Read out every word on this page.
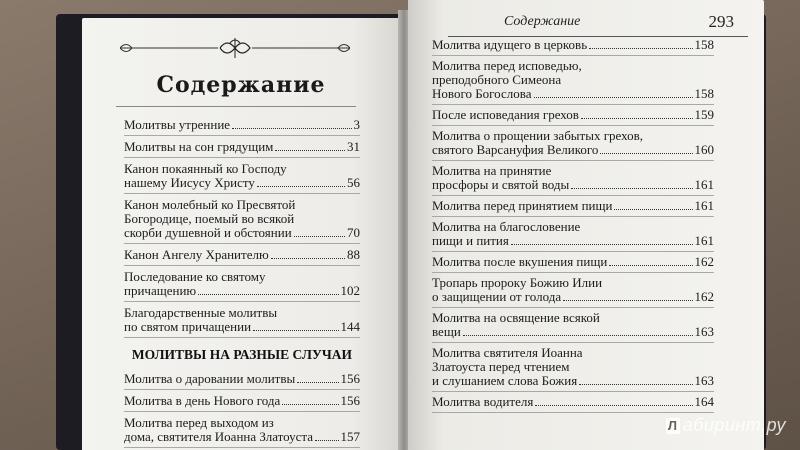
Содержание
Молитвы утренние	3
Молитвы на сон грядущим	31
Канон покаянный ко Господу
нашему Иисусу Христу	56
Канон молебный ко Пресвятой
Богородице, поемый во всякой
скорби душевной и обстоянии	70
Канон Ангелу Хранителю	88
Последование ко святому
причащению	102
Благодарственные молитвы
по святом причащении	144
МОЛИТВЫ НА РАЗНЫЕ СЛУЧАИ
Молитва о даровании молитвы	156
Молитва в день Нового года	156
Молитва перед выходом из
дома, святителя Иоанна Златоуста 157
Содержание	293
Молитва идущего в церковь	158
Молитва перед исповедью,
преподобного Симеона
Нового Богослова	158
После исповедания грехов	159
Молитва о прощении забытых грехов,
святого Варсануфия Великого	160
Молитва на принятие
просфоры и святой воды	161
Молитва перед принятием пищи	161
Молитва на благословение
пищи и пития	161
Молитва после вкушения пищи	162
Тропарь пророку Божию Илии
о защищении от голода	162
Молитва на освящение всякой
вещи	163
Молитва святителя Иоанна
Златоуста перед чтением
и слушанием слова Божия	163
Молитва водителя	164
Л абиринт.ру
